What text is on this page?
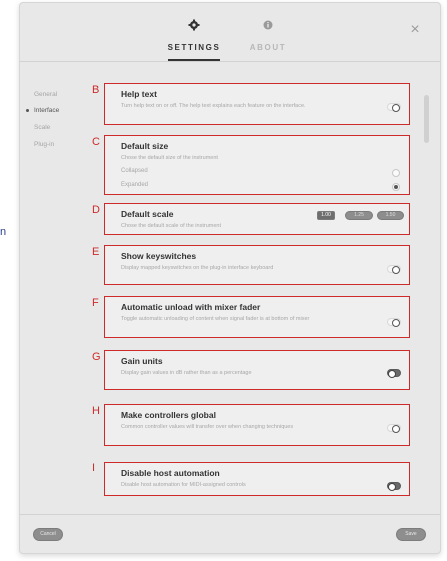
n
SETTINGS	ABOUT
×
General
Interface
Scale
Plug-in
B	Help text
Turn help text on or off. The help text explains each feature on the interface.
C Default size
Chose the default size of the instrument
Collapsed
Expanded
D Default scale
Chose the default scale of the instrument
1.00	1.25	1.50
E	Show keyswitches
Display mapped keyswitches on the plug-in interface keyboard
F	Automatic unload with mixer fader
Toggle automatic unloading of content when signal fader is at bottom of mixer
G Gain units
Display gain values in dB rather than as a percentage
H Make controllers global
Common controller values will transfer over when changing techniques
I	Disable host automation
Disable host automation for MIDI-assigned controls
Cancel	Save
